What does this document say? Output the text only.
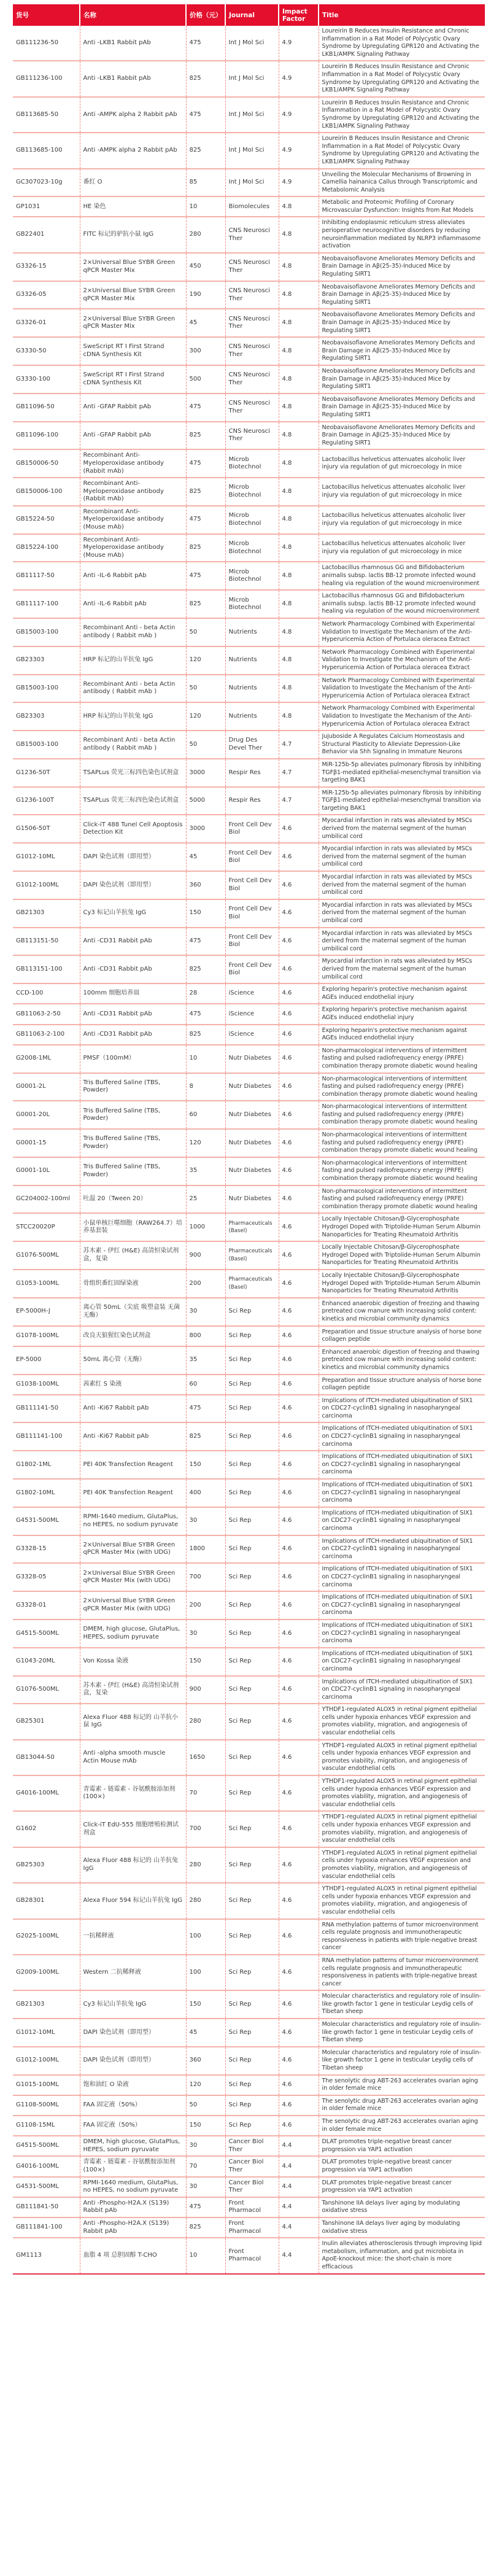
货号	名称	价格（元）	Journal	Impact Factor	Title
GB111236-50	Anti -LKB1 Rabbit pAb	475	Int J Mol Sci	4.9	Loureirin B Reduces Insulin Resistance and Chronic Inflammation in a Rat Model of Polycystic Ovary Syndrome by Upregulating GPR120 and Activating the LKB1/AMPK Signaling Pathway
GB111236-100	Anti -LKB1 Rabbit pAb	825	Int J Mol Sci	4.9	Loureirin B Reduces Insulin Resistance and Chronic Inflammation in a Rat Model of Polycystic Ovary Syndrome by Upregulating GPR120 and Activating the LKB1/AMPK Signaling Pathway
GB113685-50	Anti -AMPK alpha 2 Rabbit pAb	475	Int J Mol Sci	4.9	Loureirin B Reduces Insulin Resistance and Chronic Inflammation in a Rat Model of Polycystic Ovary Syndrome by Upregulating GPR120 and Activating the LKB1/AMPK Signaling Pathway
GB113685-100	Anti -AMPK alpha 2 Rabbit pAb	825	Int J Mol Sci	4.9	Loureirin B Reduces Insulin Resistance and Chronic Inflammation in a Rat Model of Polycystic Ovary Syndrome by Upregulating GPR120 and Activating the LKB1/AMPK Signaling Pathway
GC307023-10g	番红 O	85	Int J Mol Sci	4.9	Unveiling the Molecular Mechanisms of Browning in Camellia hainanica Callus through Transcriptomic and Metabolomic Analysis
GP1031	HE 染色	10	Biomolecules	4.8	Metabolic and Proteomic Profiling of Coronary Microvascular Dysfunction: Insights from Rat Models
GB22401	FITC 标记的驴抗小鼠 IgG	280	CNS Neurosci Ther	4.8	Inhibiting endoplasmic reticulum stress alleviates perioperative neurocognitive disorders by reducing neuroinflammation mediated by NLRP3 inflammasome activation
G3326-15	2×Universal Blue SYBR Green qPCR Master Mix	450	CNS Neurosci Ther	4.8	Neobavaisoflavone Ameliorates Memory Deficits and Brain Damage in Aβ(25-35)-Induced Mice by Regulating SIRT1
G3326-05	2×Universal Blue SYBR Green qPCR Master Mix	190	CNS Neurosci Ther	4.8	Neobavaisoflavone Ameliorates Memory Deficits and Brain Damage in Aβ(25-35)-Induced Mice by Regulating SIRT1
G3326-01	2×Universal Blue SYBR Green qPCR Master Mix	45	CNS Neurosci Ther	4.8	Neobavaisoflavone Ameliorates Memory Deficits and Brain Damage in Aβ(25-35)-Induced Mice by Regulating SIRT1
G3330-50	SweScript RT I First Strand cDNA Synthesis Kit	300	CNS Neurosci Ther	4.8	Neobavaisoflavone Ameliorates Memory Deficits and Brain Damage in Aβ(25-35)-Induced Mice by Regulating SIRT1
G3330-100	SweScript RT I First Strand cDNA Synthesis Kit	500	CNS Neurosci Ther	4.8	Neobavaisoflavone Ameliorates Memory Deficits and Brain Damage in Aβ(25-35)-Induced Mice by Regulating SIRT1
GB11096-50	Anti -GFAP Rabbit pAb	475	CNS Neurosci Ther	4.8	Neobavaisoflavone Ameliorates Memory Deficits and Brain Damage in Aβ(25-35)-Induced Mice by Regulating SIRT1
GB11096-100	Anti -GFAP Rabbit pAb	825	CNS Neurosci Ther	4.8	Neobavaisoflavone Ameliorates Memory Deficits and Brain Damage in Aβ(25-35)-Induced Mice by Regulating SIRT1
GB150006-50	Recombinant Anti-Myeloperoxidase antibody (Rabbit mAb)	475	Microb Biotechnol	4.8	Lactobacillus helveticus attenuates alcoholic liver injury via regulation of gut microecology in mice
GB150006-100	Recombinant Anti-Myeloperoxidase antibody (Rabbit mAb)	825	Microb Biotechnol	4.8	Lactobacillus helveticus attenuates alcoholic liver injury via regulation of gut microecology in mice
GB15224-50	Recombinant Anti-Myeloperoxidase antibody (Mouse mAb)	475	Microb Biotechnol	4.8	Lactobacillus helveticus attenuates alcoholic liver injury via regulation of gut microecology in mice
GB15224-100	Recombinant Anti-Myeloperoxidase antibody (Mouse mAb)	825	Microb Biotechnol	4.8	Lactobacillus helveticus attenuates alcoholic liver injury via regulation of gut microecology in mice
GB11117-50	Anti -IL-6 Rabbit pAb	475	Microb Biotechnol	4.8	Lactobacillus rhamnosus GG and Bifidobacterium animalis subsp. lactis BB-12 promote infected wound healing via regulation of the wound microenvironment
GB11117-100	Anti -IL-6 Rabbit pAb	825	Microb Biotechnol	4.8	Lactobacillus rhamnosus GG and Bifidobacterium animalis subsp. lactis BB-12 promote infected wound healing via regulation of the wound microenvironment
GB15003-100	Recombinant Anti - beta Actin antibody ( Rabbit mAb )	50	Nutrients	4.8	Network Pharmacology Combined with Experimental Validation to Investigate the Mechanism of the Anti-Hyperuricemia Action of Portulaca oleracea Extract
GB23303	HRP 标记的山羊抗兔 IgG	120	Nutrients	4.8	Network Pharmacology Combined with Experimental Validation to Investigate the Mechanism of the Anti-Hyperuricemia Action of Portulaca oleracea Extract
GB15003-100	Recombinant Anti - beta Actin antibody ( Rabbit mAb )	50	Nutrients	4.8	Network Pharmacology Combined with Experimental Validation to Investigate the Mechanism of the Anti-Hyperuricemia Action of Portulaca oleracea Extract
GB23303	HRP 标记的山羊抗兔 IgG	120	Nutrients	4.8	Network Pharmacology Combined with Experimental Validation to Investigate the Mechanism of the Anti-Hyperuricemia Action of Portulaca oleracea Extract
GB15003-100	Recombinant Anti - beta Actin antibody ( Rabbit mAb )	50	Drug Des Devel Ther	4.7	Jujuboside A Regulates Calcium Homeostasis and Structural Plasticity to Alleviate Depression-Like Behavior via Shh Signaling in Immature Neurons
G1236-50T	TSAPLus 荧光三标四色染色试剂盒	3000	Respir Res	4.7	MiR-125b-5p alleviates pulmonary fibrosis by inhibiting TGFβ1-mediated epithelial-mesenchymal transition via targeting BAK1
G1236-100T	TSAPLus 荧光三标四色染色试剂盒	5000	Respir Res	4.7	MiR-125b-5p alleviates pulmonary fibrosis by inhibiting TGFβ1-mediated epithelial-mesenchymal transition via targeting BAK1
G1506-50T	Click-iT 488 Tunel Cell Apoptosis Detection Kit	3000	Front Cell Dev Biol	4.6	Myocardial infarction in rats was alleviated by MSCs derived from the maternal segment of the human umbilical cord
G1012-10ML	DAPI 染色试剂（即用型）	45	Front Cell Dev Biol	4.6	Myocardial infarction in rats was alleviated by MSCs derived from the maternal segment of the human umbilical cord
G1012-100ML	DAPI 染色试剂（即用型）	360	Front Cell Dev Biol	4.6	Myocardial infarction in rats was alleviated by MSCs derived from the maternal segment of the human umbilical cord
GB21303	Cy3 标记山羊抗兔 IgG	150	Front Cell Dev Biol	4.6	Myocardial infarction in rats was alleviated by MSCs derived from the maternal segment of the human umbilical cord
GB113151-50	Anti -CD31 Rabbit pAb	475	Front Cell Dev Biol	4.6	Myocardial infarction in rats was alleviated by MSCs derived from the maternal segment of the human umbilical cord
GB113151-100	Anti -CD31 Rabbit pAb	825	Front Cell Dev Biol	4.6	Myocardial infarction in rats was alleviated by MSCs derived from the maternal segment of the human umbilical cord
CCD-100	100mm 细胞培养皿	28	iScience	4.6	Exploring heparin's protective mechanism against AGEs induced endothelial injury
GB11063-2-50	Anti -CD31 Rabbit pAb	475	iScience	4.6	Exploring heparin's protective mechanism against AGEs induced endothelial injury
GB11063-2-100	Anti -CD31 Rabbit pAb	825	iScience	4.6	Exploring heparin's protective mechanism against AGEs induced endothelial injury
G2008-1ML	PMSF（100mM）	10	Nutr Diabetes	4.6	Non-pharmacological interventions of intermittent fasting and pulsed radiofrequency energy (PRFE) combination therapy promote diabetic wound healing
G0001-2L	Tris Buffered Saline (TBS, Powder)	8	Nutr Diabetes	4.6	Non-pharmacological interventions of intermittent fasting and pulsed radiofrequency energy (PRFE) combination therapy promote diabetic wound healing
G0001-20L	Tris Buffered Saline (TBS, Powder)	60	Nutr Diabetes	4.6	Non-pharmacological interventions of intermittent fasting and pulsed radiofrequency energy (PRFE) combination therapy promote diabetic wound healing
G0001-15	Tris Buffered Saline (TBS, Powder)	120	Nutr Diabetes	4.6	Non-pharmacological interventions of intermittent fasting and pulsed radiofrequency energy (PRFE) combination therapy promote diabetic wound healing
G0001-10L	Tris Buffered Saline (TBS, Powder)	35	Nutr Diabetes	4.6	Non-pharmacological interventions of intermittent fasting and pulsed radiofrequency energy (PRFE) combination therapy promote diabetic wound healing
GC204002-100ml	吐温 20（Tween 20）	25	Nutr Diabetes	4.6	Non-pharmacological interventions of intermittent fasting and pulsed radiofrequency energy (PRFE) combination therapy promote diabetic wound healing
STCC20020P	小鼠单核巨噬细胞（RAW264.7）培养基套装	1000	Pharmaceuticals (Basel)	4.6	Locally Injectable Chitosan/β-Glycerophosphate Hydrogel Doped with Triptolide-Human Serum Albumin Nanoparticles for Treating Rheumatoid Arthritis
G1076-500ML	苏木素 - 伊红 (H&E) 高清恒染试剂盒，复染	900	Pharmaceuticals (Basel)	4.6	Locally Injectable Chitosan/β-Glycerophosphate Hydrogel Doped with Triptolide-Human Serum Albumin Nanoparticles for Treating Rheumatoid Arthritis
G1053-100ML	骨组织番红固绿染液	200	Pharmaceuticals (Basel)	4.6	Locally Injectable Chitosan/β-Glycerophosphate Hydrogel Doped with Triptolide-Human Serum Albumin Nanoparticles for Treating Rheumatoid Arthritis
EP-5000H-J	离心管 50mL（尖底 吸塑盒装 无菌无酶）	30	Sci Rep	4.6	Enhanced anaerobic digestion of freezing and thawing pretreated cow manure with increasing solid content: kinetics and microbial community dynamics
G1078-100ML	改良天狼猩红染色试剂盒	800	Sci Rep	4.6	Preparation and tissue structure analysis of horse bone collagen peptide
EP-5000	50mL 离心管（无酶）	35	Sci Rep	4.6	Enhanced anaerobic digestion of freezing and thawing pretreated cow manure with increasing solid content: kinetics and microbial community dynamics
G1038-100ML	茜素红 S 染液	60	Sci Rep	4.6	Preparation and tissue structure analysis of horse bone collagen peptide
GB111141-50	Anti -Ki67 Rabbit pAb	475	Sci Rep	4.6	Implications of ITCH-mediated ubiquitination of SIX1 on CDC27-cyclinB1 signaling in nasopharyngeal carcinoma
GB111141-100	Anti -Ki67 Rabbit pAb	825	Sci Rep	4.6	Implications of ITCH-mediated ubiquitination of SIX1 on CDC27-cyclinB1 signaling in nasopharyngeal carcinoma
G1802-1ML	PEI 40K Transfection Reagent	150	Sci Rep	4.6	Implications of ITCH-mediated ubiquitination of SIX1 on CDC27-cyclinB1 signaling in nasopharyngeal carcinoma
G1802-10ML	PEI 40K Transfection Reagent	400	Sci Rep	4.6	Implications of ITCH-mediated ubiquitination of SIX1 on CDC27-cyclinB1 signaling in nasopharyngeal carcinoma
G4531-500ML	RPMI-1640 medium, GlutaPlus, no HEPES, no sodium pyruvate	30	Sci Rep	4.6	Implications of ITCH-mediated ubiquitination of SIX1 on CDC27-cyclinB1 signaling in nasopharyngeal carcinoma
G3328-15	2×Universal Blue SYBR Green qPCR Master Mix (with UDG)	1800	Sci Rep	4.6	Implications of ITCH-mediated ubiquitination of SIX1 on CDC27-cyclinB1 signaling in nasopharyngeal carcinoma
G3328-05	2×Universal Blue SYBR Green qPCR Master Mix (with UDG)	700	Sci Rep	4.6	Implications of ITCH-mediated ubiquitination of SIX1 on CDC27-cyclinB1 signaling in nasopharyngeal carcinoma
G3328-01	2×Universal Blue SYBR Green qPCR Master Mix (with UDG)	200	Sci Rep	4.6	Implications of ITCH-mediated ubiquitination of SIX1 on CDC27-cyclinB1 signaling in nasopharyngeal carcinoma
G4515-500ML	DMEM, high glucose, GlutaPlus, HEPES, sodium pyruvate	30	Sci Rep	4.6	Implications of ITCH-mediated ubiquitination of SIX1 on CDC27-cyclinB1 signaling in nasopharyngeal carcinoma
G1043-20ML	Von Kossa 染液	150	Sci Rep	4.6	Implications of ITCH-mediated ubiquitination of SIX1 on CDC27-cyclinB1 signaling in nasopharyngeal carcinoma
G1076-500ML	苏木素 - 伊红 (H&E) 高清恒染试剂盒，复染	900	Sci Rep	4.6	Implications of ITCH-mediated ubiquitination of SIX1 on CDC27-cyclinB1 signaling in nasopharyngeal carcinoma
GB25301	Alexa Fluor 488 标记的 山羊抗小鼠 IgG	280	Sci Rep	4.6	YTHDF1-regulated ALOX5 in retinal pigment epithelial cells under hypoxia enhances VEGF expression and promotes viability, migration, and angiogenesis of vascular endothelial cells
GB13044-50	Anti -alpha smooth muscle Actin Mouse mAb	1650	Sci Rep	4.6	YTHDF1-regulated ALOX5 in retinal pigment epithelial cells under hypoxia enhances VEGF expression and promotes viability, migration, and angiogenesis of vascular endothelial cells
G4016-100ML	青霉素 - 链霉素 - 谷氨酰胺添加剂 (100×)	70	Sci Rep	4.6	YTHDF1-regulated ALOX5 in retinal pigment epithelial cells under hypoxia enhances VEGF expression and promotes viability, migration, and angiogenesis of vascular endothelial cells
G1602	Click-iT EdU-555 细胞增殖检测试剂盒	700	Sci Rep	4.6	YTHDF1-regulated ALOX5 in retinal pigment epithelial cells under hypoxia enhances VEGF expression and promotes viability, migration, and angiogenesis of vascular endothelial cells
GB25303	Alexa Fluor 488 标记的 山羊抗兔 IgG	280	Sci Rep	4.6	YTHDF1-regulated ALOX5 in retinal pigment epithelial cells under hypoxia enhances VEGF expression and promotes viability, migration, and angiogenesis of vascular endothelial cells
GB28301	Alexa Fluor 594 标记山羊抗兔 IgG	280	Sci Rep	4.6	YTHDF1-regulated ALOX5 in retinal pigment epithelial cells under hypoxia enhances VEGF expression and promotes viability, migration, and angiogenesis of vascular endothelial cells
G2025-100ML	一抗稀释液	100	Sci Rep	4.6	RNA methylation patterns of tumor microenvironment cells regulate prognosis and immunotherapeutic responsiveness in patients with triple-negative breast cancer
G2009-100ML	Western 二抗稀释液	100	Sci Rep	4.6	RNA methylation patterns of tumor microenvironment cells regulate prognosis and immunotherapeutic responsiveness in patients with triple-negative breast cancer
GB21303	Cy3 标记山羊抗兔 IgG	150	Sci Rep	4.6	Molecular characteristics and regulatory role of insulin-like growth factor 1 gene in testicular Leydig cells of Tibetan sheep
G1012-10ML	DAPI 染色试剂（即用型）	45	Sci Rep	4.6	Molecular characteristics and regulatory role of insulin-like growth factor 1 gene in testicular Leydig cells of Tibetan sheep
G1012-100ML	DAPI 染色试剂（即用型）	360	Sci Rep	4.6	Molecular characteristics and regulatory role of insulin-like growth factor 1 gene in testicular Leydig cells of Tibetan sheep
G1015-100ML	饱和油红 O 染液	120	Sci Rep	4.6	The senolytic drug ABT-263 accelerates ovarian aging in older female mice
G1108-500ML	FAA 固定液（50%）	50	Sci Rep	4.6	The senolytic drug ABT-263 accelerates ovarian aging in older female mice
G1108-15ML	FAA 固定液（50%）	150	Sci Rep	4.6	The senolytic drug ABT-263 accelerates ovarian aging in older female mice
G4515-500ML	DMEM, high glucose, GlutaPlus, HEPES, sodium pyruvate	30	Cancer Biol Ther	4.4	DLAT promotes triple-negative breast cancer progression via YAP1 activation
G4016-100ML	青霉素 - 链霉素 - 谷氨酰胺添加剂 (100×)	70	Cancer Biol Ther	4.4	DLAT promotes triple-negative breast cancer progression via YAP1 activation
G4531-500ML	RPMI-1640 medium, GlutaPlus, no HEPES, no sodium pyruvate	30	Cancer Biol Ther	4.4	DLAT promotes triple-negative breast cancer progression via YAP1 activation
GB111841-50	Anti -Phospho-H2A.X (S139) Rabbit pAb	475	Front Pharmacol	4.4	Tanshinone IIA delays liver aging by modulating oxidative stress
GB111841-100	Anti -Phospho-H2A.X (S139) Rabbit pAb	825	Front Pharmacol	4.4	Tanshinone IIA delays liver aging by modulating oxidative stress
GM1113	血脂 4 项 总胆固醇 T-CHO	10	Front Pharmacol	4.4	Inulin alleviates atherosclerosis through improving lipid metabolism, inflammation, and gut microbiota in ApoE-knockout mice: the short-chain is more efficacious
